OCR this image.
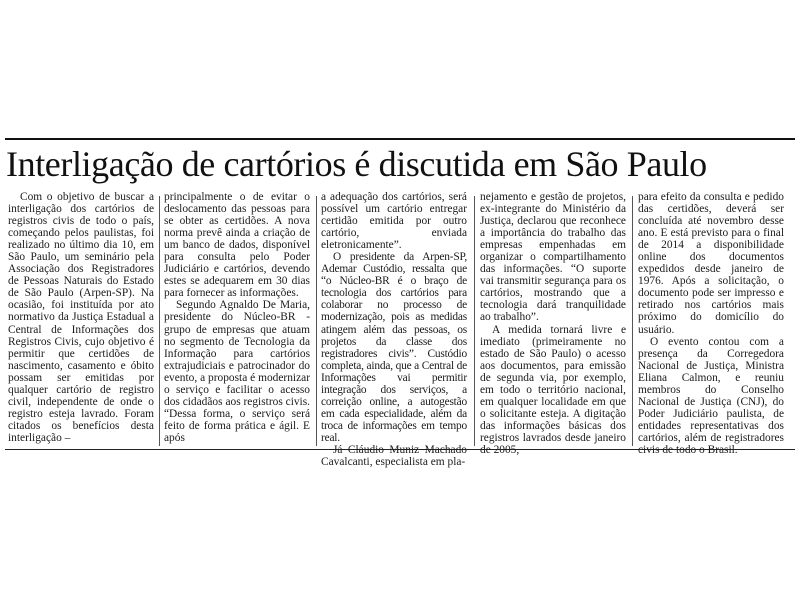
Interligação de cartórios é discutida em São Paulo

Com o objetivo de buscar a interligação dos cartórios de registros civis de todo o país, começando pelos paulistas, foi realizado no último dia 10, em São Paulo, um seminário pela Associação dos Registradores de Pessoas Naturais do Estado de São Paulo (Arpen-SP). Na ocasião, foi instituída por ato normativo da Justiça Estadual a Central de Informações dos Registros Civis, cujo objetivo é permitir que certidões de nascimento, casamento e óbito possam ser emitidas por qualquer cartório de registro civil, independente de onde o registro esteja lavrado. Foram citados os benefícios desta interligação –

principalmente o de evitar o deslocamento das pessoas para se obter as certidões. A nova norma prevê ainda a criação de um banco de dados, disponível para consulta pelo Poder Judiciário e cartórios, devendo estes se adequarem em 30 dias para fornecer as informações.

Segundo Agnaldo De Maria, presidente do Núcleo-BR - grupo de empresas que atuam no segmento de Tecnologia da Informação para cartórios extrajudiciais e patrocinador do evento, a proposta é modernizar o serviço e facilitar o acesso dos cidadãos aos registros civis. “Dessa forma, o serviço será feito de forma prática e ágil. E após

a adequação dos cartórios, será possível um cartório entregar certidão emitida por outro cartório, enviada eletronicamente”.

O presidente da Arpen-SP, Ademar Custódio, ressalta que “o Núcleo-BR é o braço de tecnologia dos cartórios para colaborar no processo de modernização, pois as medidas atingem além das pessoas, os projetos da classe dos registradores civis”. Custódio completa, ainda, que a Central de Informações vai permitir integração dos serviços, a correição online, a autogestão em cada especialidade, além da troca de informações em tempo real.

Cavalcanti, especialista em pla-

nejamento e gestão de projetos, ex-integrante do Ministério da Justiça, declarou que reconhece a importância do trabalho das empresas empenhadas em organizar o compartilhamento das informações. “O suporte vai transmitir segurança para os cartórios, mostrando que a tecnologia dará tranquilidade ao trabalho”.

A medida tornará livre e imediato (primeiramente no estado de São Paulo) o acesso aos documentos, para emissão de segunda via, por exemplo, em todo o território nacional, em qualquer localidade em que o solicitante esteja. A digitação das informações básicas dos registros lavrados desde janeiro

para efeito da consulta e pedido das certidões, deverá ser concluída até novembro desse ano. E está previsto para o final de 2014 a disponibilidade online dos documentos expedidos desde janeiro de 1976. Após a solicitação, o documento pode ser impresso e retirado nos cartórios mais próximo do domicílio do usuário.

O evento contou com a presença da Corregedora Nacional de Justiça, Ministra Eliana Calmon, e reuniu membros do Conselho Nacional de Justiça (CNJ), do Poder Judiciário paulista, de entidades representativas dos cartórios, além de registradores
